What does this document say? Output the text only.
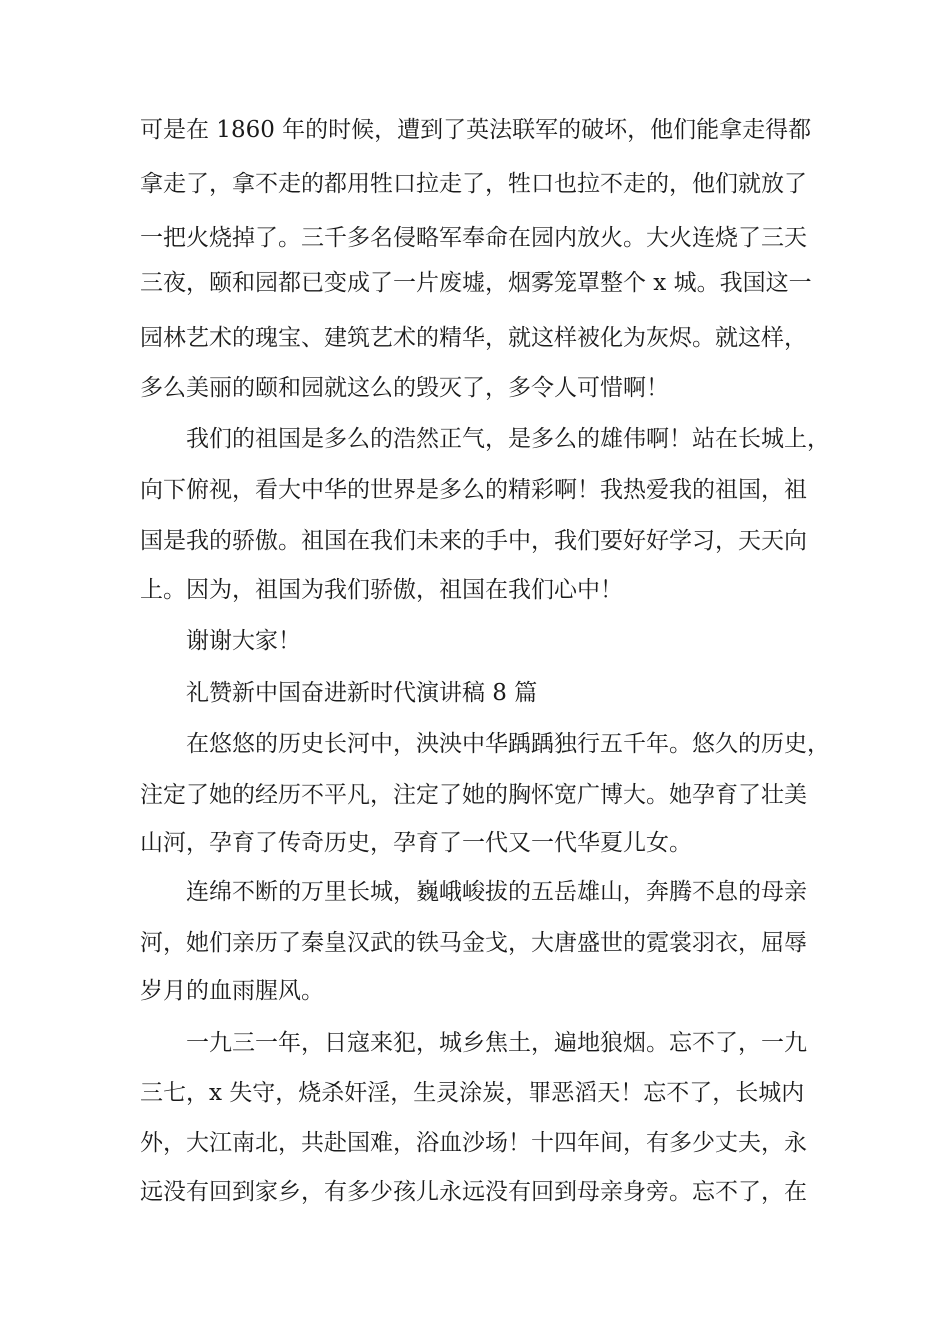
可是在 1860 年的时候，遭到了英法联军的破坏，他们能拿走得都
拿走了，拿不走的都用牲口拉走了，牲口也拉不走的，他们就放了
一把火烧掉了。三千多名侵略军奉命在园内放火。大火连烧了三天
三夜，颐和园都已变成了一片废墟，烟雾笼罩整个 x 城。我国这一
园林艺术的瑰宝、建筑艺术的精华，就这样被化为灰烬。就这样，
多么美丽的颐和园就这么的毁灭了，多令人可惜啊！
我们的祖国是多么的浩然正气，是多么的雄伟啊！站在长城上，
向下俯视，看大中华的世界是多么的精彩啊！我热爱我的祖国，祖
国是我的骄傲。祖国在我们未来的手中，我们要好好学习，天天向
上。因为，祖国为我们骄傲，祖国在我们心中！
谢谢大家！
礼赞新中国奋进新时代演讲稿 8 篇
在悠悠的历史长河中，泱泱中华踽踽独行五千年。悠久的历史，
注定了她的经历不平凡，注定了她的胸怀宽广博大。她孕育了壮美
山河，孕育了传奇历史，孕育了一代又一代华夏儿女。
连绵不断的万里长城，巍峨峻拔的五岳雄山，奔腾不息的母亲
河，她们亲历了秦皇汉武的铁马金戈，大唐盛世的霓裳羽衣，屈辱
岁月的血雨腥风。
一九三一年，日寇来犯，城乡焦土，遍地狼烟。忘不了，一九
三七，x 失守，烧杀奸淫，生灵涂炭，罪恶滔天！忘不了，长城内
外，大江南北，共赴国难，浴血沙场！十四年间，有多少丈夫，永
远没有回到家乡，有多少孩儿永远没有回到母亲身旁。忘不了，在
